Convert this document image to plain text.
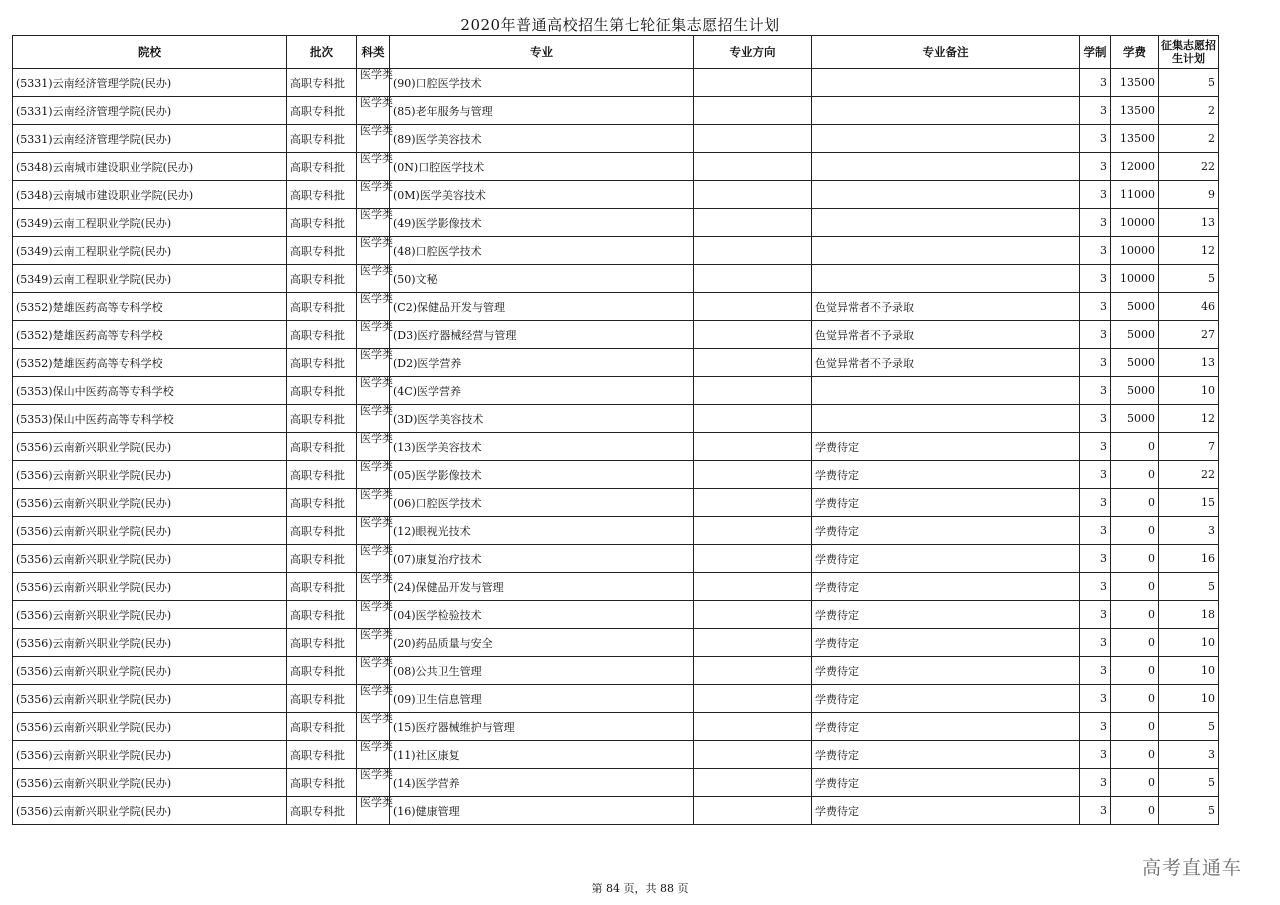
2020年普通高校招生第七轮征集志愿招生计划
院校	批次	科类	专业	专业方向	专业备注	学制	学费	征集志愿招生计划
(5331)云南经济管理学院(民办)	高职专科批	医学类	(90)口腔医学技术			3	13500	5
(5331)云南经济管理学院(民办)	高职专科批	医学类	(85)老年服务与管理			3	13500	2
(5331)云南经济管理学院(民办)	高职专科批	医学类	(89)医学美容技术			3	13500	2
(5348)云南城市建设职业学院(民办)	高职专科批	医学类	(0N)口腔医学技术			3	12000	22
(5348)云南城市建设职业学院(民办)	高职专科批	医学类	(0M)医学美容技术			3	11000	9
(5349)云南工程职业学院(民办)	高职专科批	医学类	(49)医学影像技术			3	10000	13
(5349)云南工程职业学院(民办)	高职专科批	医学类	(48)口腔医学技术			3	10000	12
(5349)云南工程职业学院(民办)	高职专科批	医学类	(50)文秘			3	10000	5
(5352)楚雄医药高等专科学校	高职专科批	医学类	(C2)保健品开发与管理		色觉异常者不予录取	3	5000	46
(5352)楚雄医药高等专科学校	高职专科批	医学类	(D3)医疗器械经营与管理		色觉异常者不予录取	3	5000	27
(5352)楚雄医药高等专科学校	高职专科批	医学类	(D2)医学营养		色觉异常者不予录取	3	5000	13
(5353)保山中医药高等专科学校	高职专科批	医学类	(4C)医学营养			3	5000	10
(5353)保山中医药高等专科学校	高职专科批	医学类	(3D)医学美容技术			3	5000	12
(5356)云南新兴职业学院(民办)	高职专科批	医学类	(13)医学美容技术		学费待定	3	0	7
(5356)云南新兴职业学院(民办)	高职专科批	医学类	(05)医学影像技术		学费待定	3	0	22
(5356)云南新兴职业学院(民办)	高职专科批	医学类	(06)口腔医学技术		学费待定	3	0	15
(5356)云南新兴职业学院(民办)	高职专科批	医学类	(12)眼视光技术		学费待定	3	0	3
(5356)云南新兴职业学院(民办)	高职专科批	医学类	(07)康复治疗技术		学费待定	3	0	16
(5356)云南新兴职业学院(民办)	高职专科批	医学类	(24)保健品开发与管理		学费待定	3	0	5
(5356)云南新兴职业学院(民办)	高职专科批	医学类	(04)医学检验技术		学费待定	3	0	18
(5356)云南新兴职业学院(民办)	高职专科批	医学类	(20)药品质量与安全		学费待定	3	0	10
(5356)云南新兴职业学院(民办)	高职专科批	医学类	(08)公共卫生管理		学费待定	3	0	10
(5356)云南新兴职业学院(民办)	高职专科批	医学类	(09)卫生信息管理		学费待定	3	0	10
(5356)云南新兴职业学院(民办)	高职专科批	医学类	(15)医疗器械维护与管理		学费待定	3	0	5
(5356)云南新兴职业学院(民办)	高职专科批	医学类	(11)社区康复		学费待定	3	0	3
(5356)云南新兴职业学院(民办)	高职专科批	医学类	(14)医学营养		学费待定	3	0	5
(5356)云南新兴职业学院(民办)	高职专科批	医学类	(16)健康管理		学费待定	3	0	5
第 84 页，共 88 页
高考直通车
